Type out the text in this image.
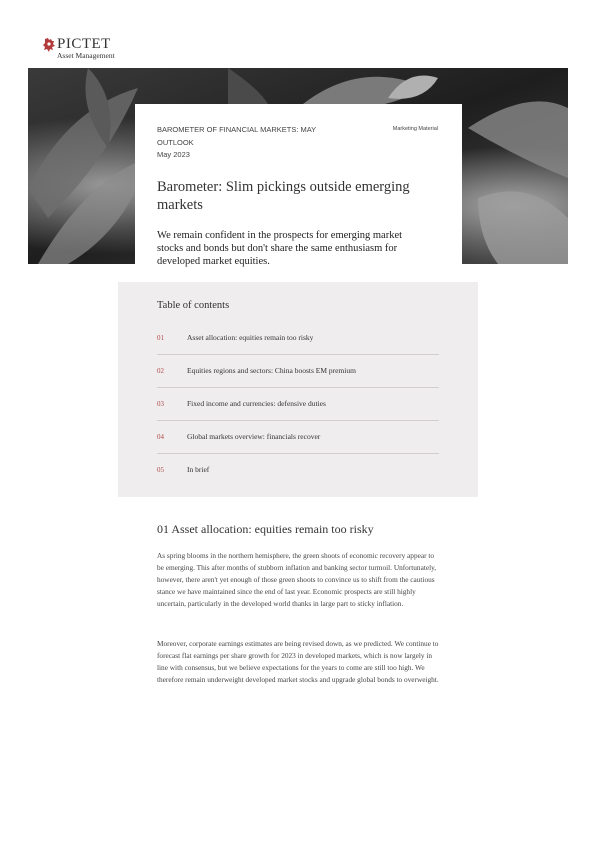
PICTET
Asset Management
BAROMETER OF FINANCIAL MARKETS: MAY OUTLOOK
May 2023
Marketing Material
Barometer: Slim pickings outside emerging markets

We remain confident in the prospects for emerging market stocks and bonds but don't share the same enthusiasm for developed market equities.

Table of contents
01	Asset allocation: equities remain too risky
02	Equities regions and sectors: China boosts EM premium
03	Fixed income and currencies: defensive duties
04	Global markets overview: financials recover
05	In brief
01 Asset allocation: equities remain too risky

As spring blooms in the northern hemisphere, the green shoots of economic recovery appear to be emerging. This after months of stubborn inflation and banking sector turmoil. Unfortunately, however, there aren't yet enough of those green shoots to convince us to shift from the cautious stance we have maintained since the end of last year. Economic prospects are still highly uncertain, particularly in the developed world thanks in large part to sticky inflation.

Moreover, corporate earnings estimates are being revised down, as we predicted. We continue to forecast flat earnings per share growth for 2023 in developed markets, which is now largely in line with consensus, but we believe expectations for the years to come are still too high. We therefore remain underweight developed market stocks and upgrade global bonds to overweight.
